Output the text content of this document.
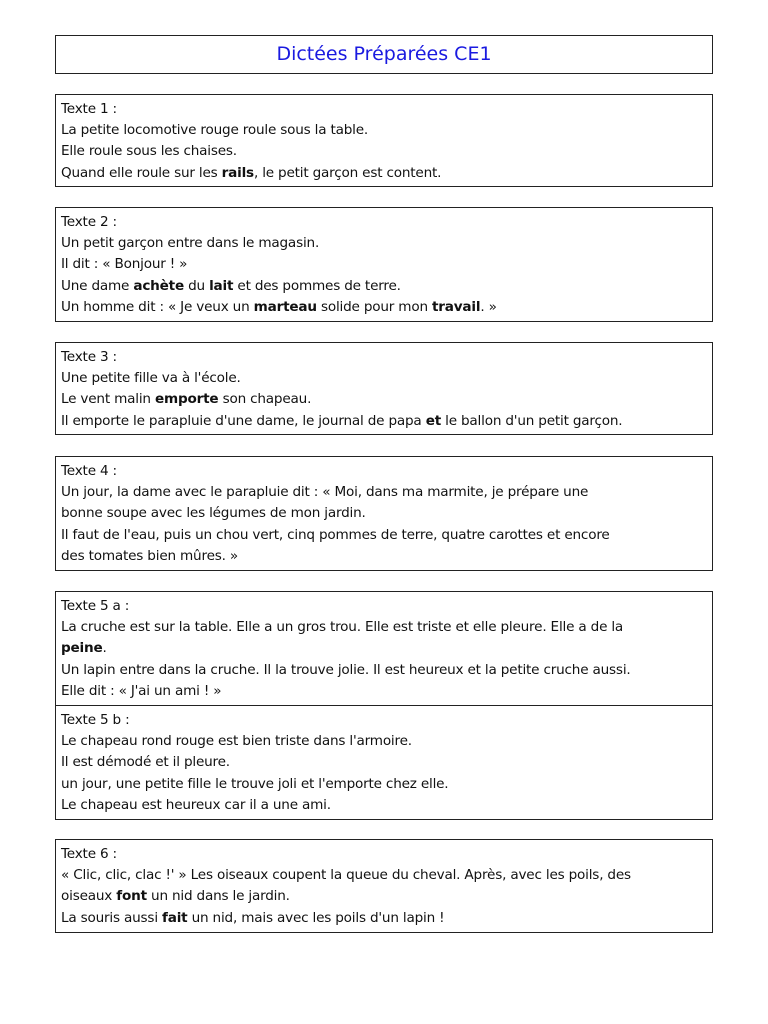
Dictées Préparées CE1
Texte 1 :
La petite locomotive rouge roule sous la table.
Elle roule sous les chaises.
Quand elle roule sur les rails, le petit garçon est content.
Texte 2 :
Un petit garçon entre dans le magasin.
Il dit : « Bonjour ! »
Une dame achète du lait et des pommes de terre.
Un homme dit : « Je veux un marteau solide pour mon travail. »
Texte 3 :
Une petite fille va à l'école.
Le vent malin emporte son chapeau.
Il emporte le parapluie d'une dame, le journal de papa et le ballon d'un petit garçon.
Texte 4 :
Un jour, la dame avec le parapluie dit : « Moi, dans ma marmite, je prépare une
bonne soupe avec les légumes de mon jardin.
Il faut de l'eau, puis un chou vert, cinq pommes de terre, quatre carottes et encore
des tomates bien mûres. »
Texte 5 a :
La cruche est sur la table. Elle a un gros trou. Elle est triste et elle pleure. Elle a de la
peine.
Un lapin entre dans la cruche. Il la trouve jolie. Il est heureux et la petite cruche aussi.
Elle dit : « J'ai un ami ! »
Texte 5 b :
Le chapeau rond rouge est bien triste dans l'armoire.
Il est démodé et il pleure.
un jour, une petite fille le trouve joli et l'emporte chez elle.
Le chapeau est heureux car il a une ami.
Texte 6 :
« Clic, clic, clac !' » Les oiseaux coupent la queue du cheval. Après, avec les poils, des
oiseaux font un nid dans le jardin.
La souris aussi fait un nid, mais avec les poils d'un lapin !
